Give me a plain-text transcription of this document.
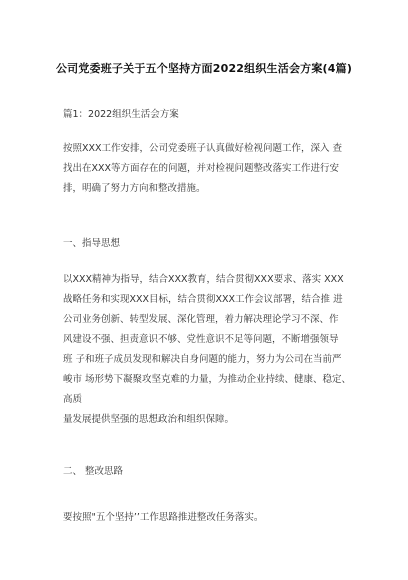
公司党委班子关于五个坚持方面2022组织生活会方案(4篇)
篇1：2022组织生活会方案
按照XXX工作安排，公司党委班子认真做好检视问题工作，深入 查
找出在XXX等方面存在的问题，并对检视问题整改落实工作进行安
排，明确了努力方向和整改措施。
一、指导思想
以XXX精神为指导，结合XXX教育，结合贯彻XXX要求、落实 XXX
战略任务和实现XXX目标，结合贯彻XXX工作会议部署，结合推 进
公司业务创新、转型发展、深化管理，着力解决理论学习不深、作
风建设不强、担责意识不够、党性意识不足等问题，不断增强领导
班 子和班子成员发现和解决自身问题的能力，努力为公司在当前严
峻市 场形势下凝聚攻坚克难的力量，为推动企业持续、健康、稳定、
高质
量发展提供坚强的思想政治和组织保障。
二、 整改思路
要按照"五个坚持’’工作思路推进整改任务落实。
